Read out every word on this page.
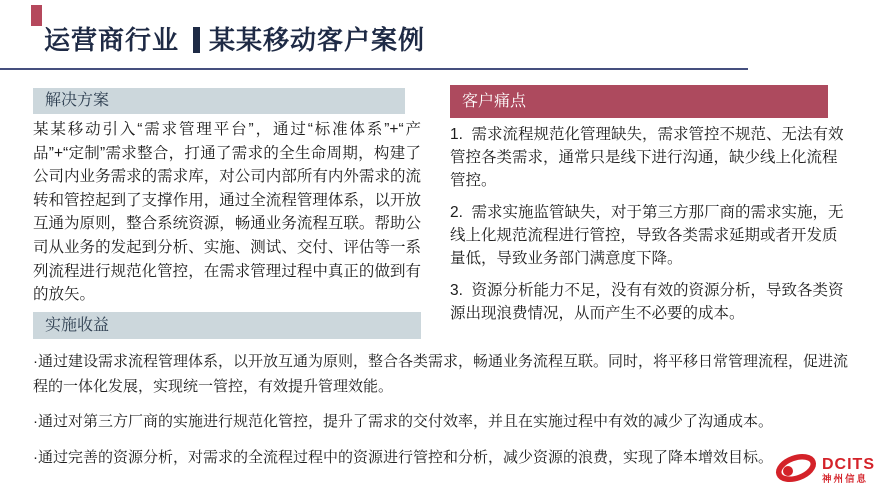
运营商行业 某某移动客户案例
解决方案
某某移动引入“需求管理平台”，通过“标准体系”+“产品”+“定制”需求整合，打通了需求的全生命周期，构建了公司内业务需求的需求库，对公司内部所有内外需求的流转和管控起到了支撑作用，通过全流程管理体系，以开放互通为原则，整合系统资源，畅通业务流程互联。帮助公司从业务的发起到分析、实施、测试、交付、评估等一系列流程进行规范化管控，在需求管理过程中真正的做到有的放矢。
客户痛点

1.  需求流程规范化管理缺失，需求管控不规范、无法有效管控各类需求，通常只是线下进行沟通，缺少线上化流程管控。

2.  需求实施监管缺失，对于第三方那厂商的需求实施，无线上化规范流程进行管控，导致各类需求延期或者开发质量低，导致业务部门满意度下降。

3.  资源分析能力不足，没有有效的资源分析，导致各类资源出现浪费情况，从而产生不必要的成本。

实施收益

·通过建设需求流程管理体系，以开放互通为原则，整合各类需求，畅通业务流程互联。同时，将平移日常管理流程，促进流程的一体化发展，实现统一管控，有效提升管理效能。

·通过对第三方厂商的实施进行规范化管控，提升了需求的交付效率，并且在实施过程中有效的减少了沟通成本。

·通过完善的资源分析，对需求的全流程过程中的资源进行管控和分析，减少资源的浪费，实现了降本增效目标。	DCITS
神州信息
